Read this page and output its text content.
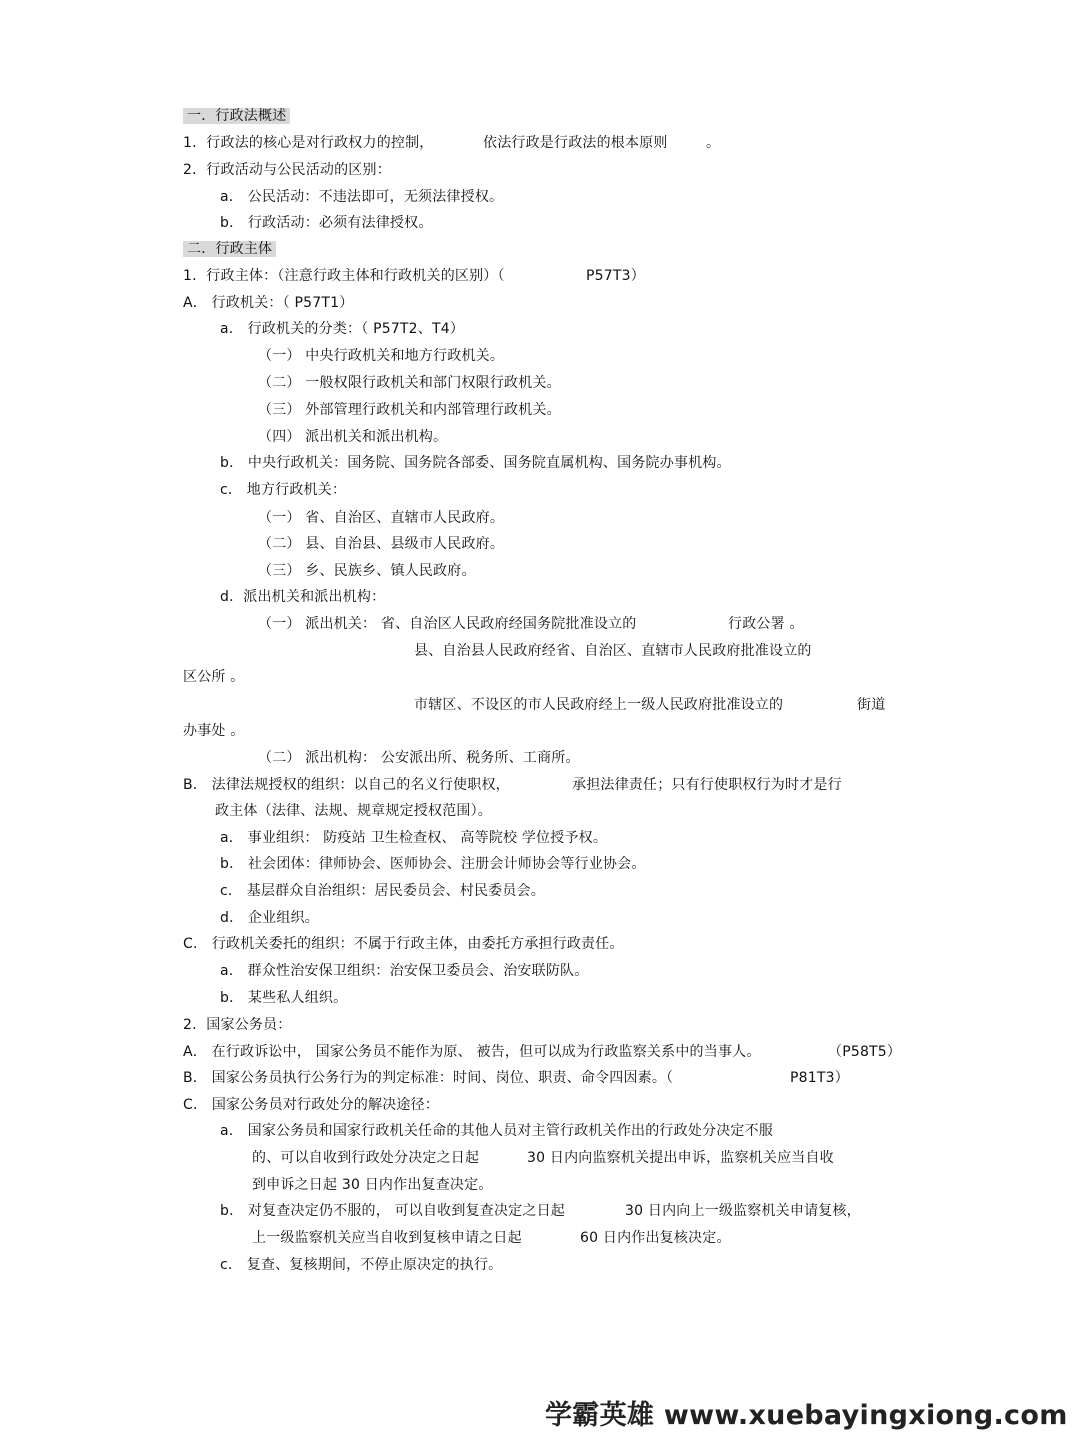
一．行政法概述
1．行政法的核心是对行政权力的控制，	依法行政是行政法的根本原则	。
2．行政活动与公民活动的区别：
a． 公民活动：不违法即可，无须法律授权。
b． 行政活动：必须有法律授权。
二．行政主体
1．行政主体：（注意行政主体和行政机关的区别）（	P57T3）
A． 行政机关：（ P57T1）
a． 行政机关的分类：（ P57T2、T4）
（一） 中央行政机关和地方行政机关。
（二） 一般权限行政机关和部门权限行政机关。
（三） 外部管理行政机关和内部管理行政机关。
（四） 派出机关和派出机构。
b． 中央行政机关：国务院、国务院各部委、国务院直属机构、国务院办事机构。
c． 地方行政机关：
（一） 省、自治区、直辖市人民政府。
（二） 县、自治县、县级市人民政府。
（三） 乡、民族乡、镇人民政府。
d．派出机关和派出机构：
（一） 派出机关： 省、自治区人民政府经国务院批准设立的	行政公署 。
县、自治县人民政府经省、自治区、直辖市人民政府批准设立的
区公所 。
市辖区、不设区的市人民政府经上一级人民政府批准设立的	街道
办事处 。
（二） 派出机构： 公安派出所、税务所、工商所。
B． 法律法规授权的组织：以自己的名义行使职权，	承担法律责任；只有行使职权行为时才是行
政主体（法律、法规、规章规定授权范围）。
a． 事业组织： 防疫站 卫生检查权、 高等院校 学位授予权。
b． 社会团体：律师协会、医师协会、注册会计师协会等行业协会。
c． 基层群众自治组织：居民委员会、村民委员会。
d． 企业组织。
C． 行政机关委托的组织：不属于行政主体，由委托方承担行政责任。
a． 群众性治安保卫组织：治安保卫委员会、治安联防队。
b． 某些私人组织。
2．国家公务员：
A． 在行政诉讼中， 国家公务员不能作为原、 被告，但可以成为行政监察关系中的当事人。	（P58T5）
B． 国家公务员执行公务行为的判定标准：时间、岗位、职责、命令四因素。（	P81T3）
C． 国家公务员对行政处分的解决途径：
a． 国家公务员和国家行政机关任命的其他人员对主管行政机关作出的行政处分决定不服
的、可以自收到行政处分决定之日起	30 日内向监察机关提出申诉，监察机关应当自收
到申诉之日起 30 日内作出复查决定。
b． 对复查决定仍不服的， 可以自收到复查决定之日起	30 日内向上一级监察机关申请复核，
上一级监察机关应当自收到复核申请之日起	60 日内作出复核决定。
c． 复查、复核期间，不停止原决定的执行。
学霸英雄 www.xuebayingxiong.com
